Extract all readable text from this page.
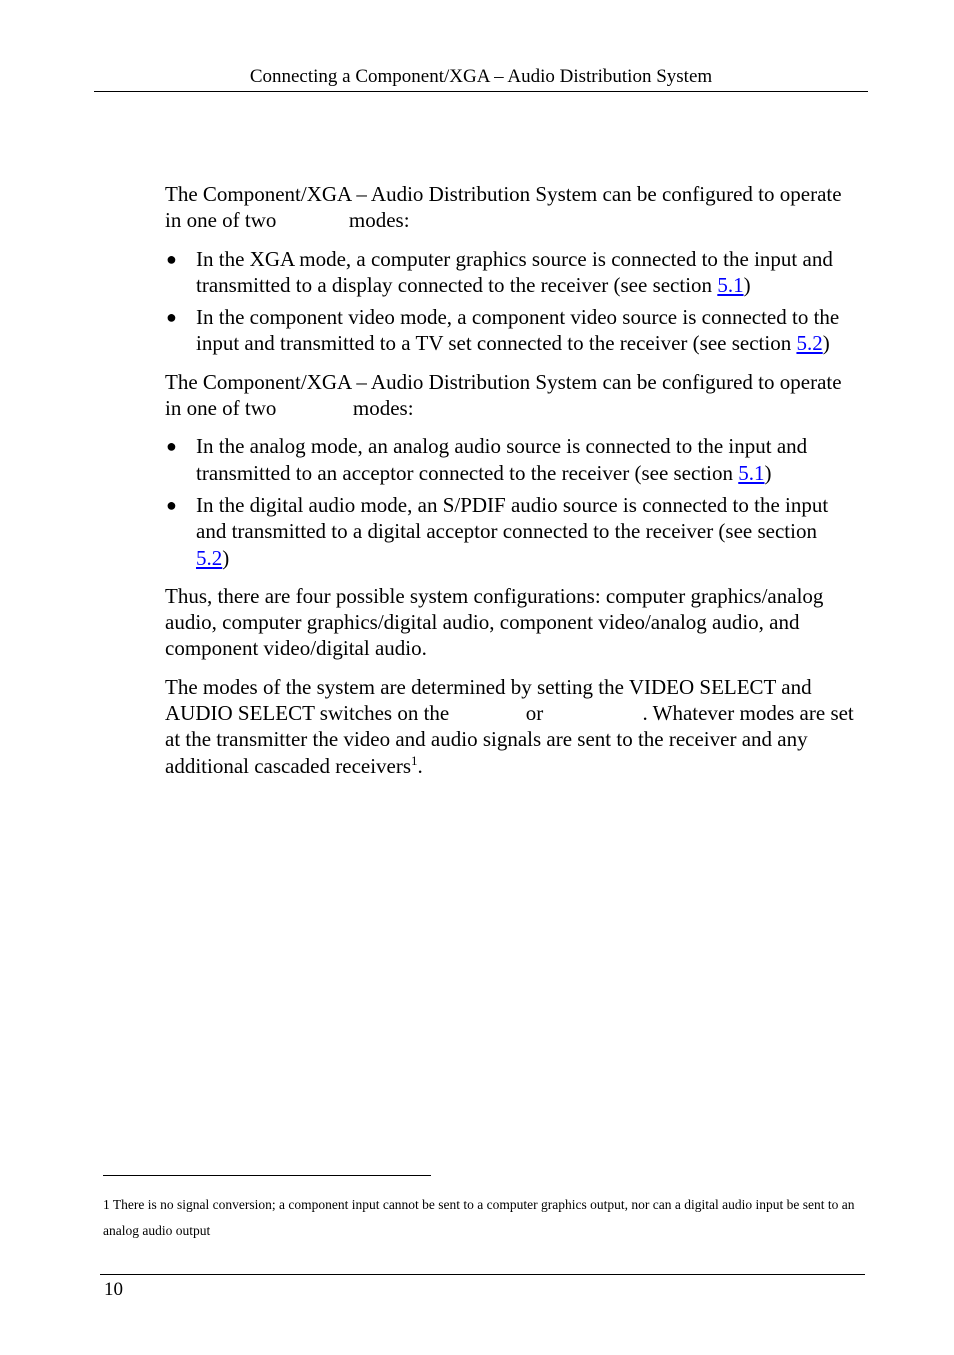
Connecting a Component/XGA – Audio Distribution System

The Component/XGA – Audio Distribution System can be configured to operate in one of two	modes:

● In the XGA mode, a computer graphics source is connected to the input and transmitted to a display connected to the receiver (see section 5.1)
● In the component video mode, a component video source is connected to the input and transmitted to a TV set connected to the receiver (see section 5.2)

The Component/XGA – Audio Distribution System can be configured to operate in one of two	modes:

● In the analog mode, an analog audio source is connected to the input and transmitted to an acceptor connected to the receiver (see section 5.1)
● In the digital audio mode, an S/PDIF audio source is connected to the input and transmitted to a digital acceptor connected to the receiver (see section 5.2)

Thus, there are four possible system configurations: computer graphics/analog audio, computer graphics/digital audio, component video/analog audio, and component video/digital audio.

The modes of the system are determined by setting the VIDEO SELECT and AUDIO SELECT switches on the	or	. Whatever modes are set at the transmitter the video and audio signals are sent to the receiver and any additional cascaded receivers$^1$.

1 There is no signal conversion; a component input cannot be sent to a computer graphics output, nor can a digital audio input be sent to an analog audio output
10
